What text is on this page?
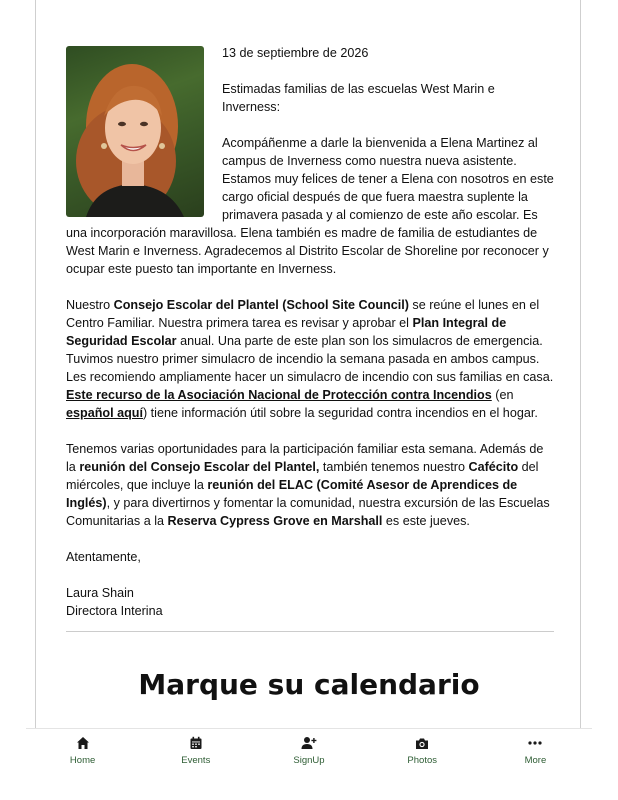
13 de septiembre de 2026

Estimadas familias de las escuelas West Marin e Inverness:

Acompáñenme a darle la bienvenida a Elena Martinez al campus de Inverness como nuestra nueva asistente. Estamos muy felices de tener a Elena con nosotros en este cargo oficial después de que fuera maestra suplente la primavera pasada y al comienzo de este año escolar. Es una incorporación maravillosa. Elena también es madre de familia de estudiantes de West Marin e Inverness. Agradecemos al Distrito Escolar de Shoreline por reconocer y ocupar este puesto tan importante en Inverness.

Nuestro Consejo Escolar del Plantel (School Site Council) se reúne el lunes en el Centro Familiar. Nuestra primera tarea es revisar y aprobar el Plan Integral de Seguridad Escolar anual. Una parte de este plan son los simulacros de emergencia. Tuvimos nuestro primer simulacro de incendio la semana pasada en ambos campus. Les recomiendo ampliamente hacer un simulacro de incendio con sus familias en casa. Este recurso de la Asociación Nacional de Protección contra Incendios (en español aquí) tiene información útil sobre la seguridad contra incendios en el hogar.

Tenemos varias oportunidades para la participación familiar esta semana. Además de la reunión del Consejo Escolar del Plantel, también tenemos nuestro Cafécito del miércoles, que incluye la reunión del ELAC (Comité Asesor de Aprendices de Inglés), y para divertirnos y fomentar la comunidad, nuestra excursión de las Escuelas Comunitarias a la Reserva Cypress Grove en Marshall es este jueves.

Atentamente,

Laura Shain

Directora Interina

Marque su calendario
Home	Events	SignUp	Photos	More
